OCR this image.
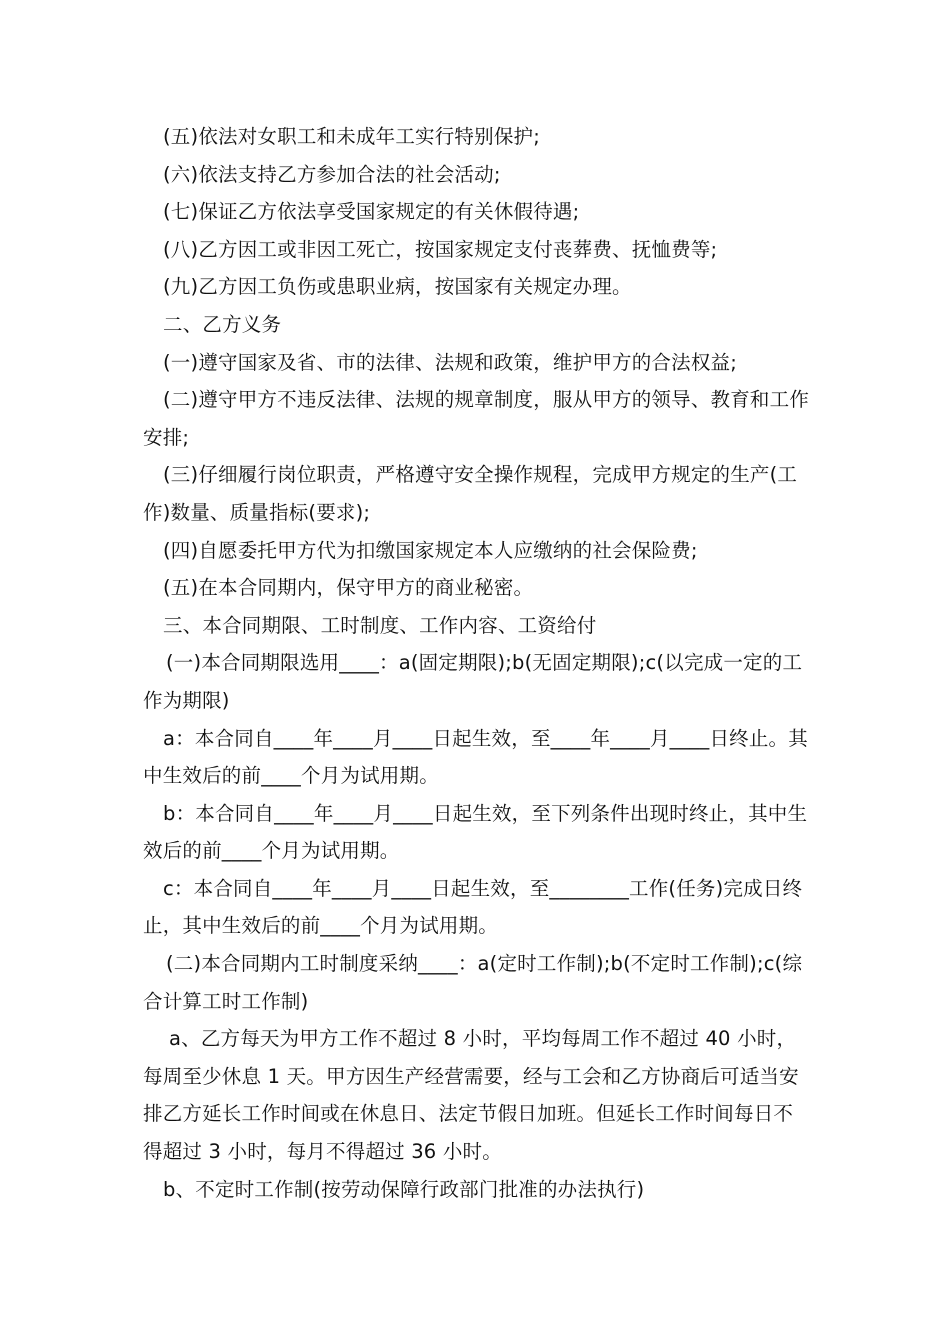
(五)依法对女职工和未成年工实行特别保护;

(六)依法支持乙方参加合法的社会活动;

(七)保证乙方依法享受国家规定的有关休假待遇;

(八)乙方因工或非因工死亡，按国家规定支付丧葬费、抚恤费等;

(九)乙方因工负伤或患职业病，按国家有关规定办理。

二、乙方义务

(一)遵守国家及省、市的法律、法规和政策，维护甲方的合法权益;

(二)遵守甲方不违反法律、法规的规章制度，服从甲方的领导、教育和工作安排;

(三)仔细履行岗位职责，严格遵守安全操作规程，完成甲方规定的生产(工作)数量、质量指标(要求);

(四)自愿委托甲方代为扣缴国家规定本人应缴纳的社会保险费;

(五)在本合同期内，保守甲方的商业秘密。

三、本合同期限、工时制度、工作内容、工资给付

(一)本合同期限选用____：a(固定期限);b(无固定期限);c(以完成一定的工作为期限)

a：本合同自____年____月____日起生效，至____年____月____日终止。其中生效后的前____个月为试用期。

b：本合同自____年____月____日起生效，至下列条件出现时终止，其中生效后的前____个月为试用期。

c：本合同自____年____月____日起生效，至________工作(任务)完成日终止，其中生效后的前____个月为试用期。

(二)本合同期内工时制度采纳____：a(定时工作制);b(不定时工作制);c(综合计算工时工作制)

a、乙方每天为甲方工作不超过 8 小时，平均每周工作不超过 40 小时，每周至少休息 1 天。甲方因生产经营需要，经与工会和乙方协商后可适当安排乙方延长工作时间或在休息日、法定节假日加班。但延长工作时间每日不得超过 3 小时，每月不得超过 36 小时。

b、不定时工作制(按劳动保障行政部门批准的办法执行)
